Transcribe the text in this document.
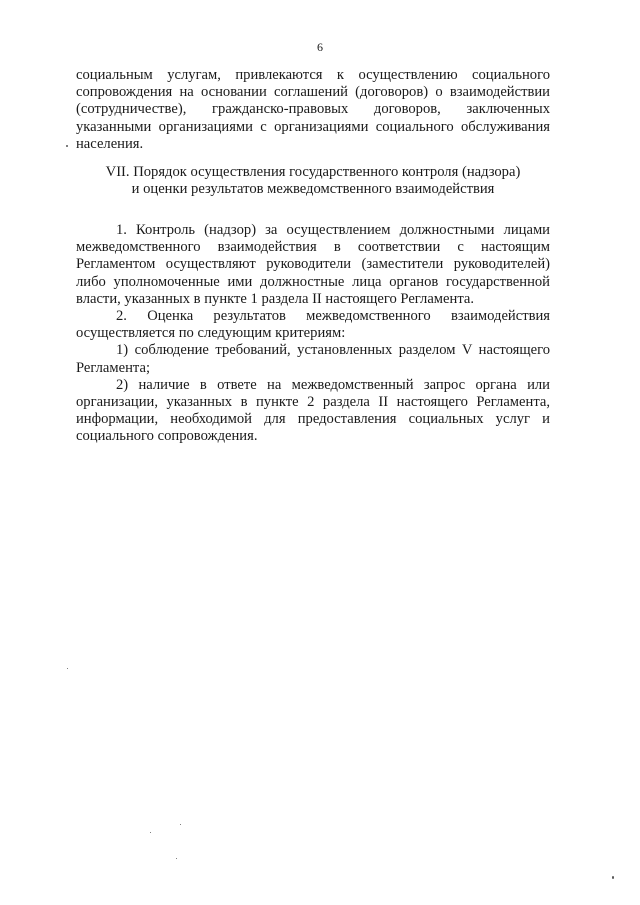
6

социальным услугам, привлекаются к осуществлению социального сопровождения на основании соглашений (договоров) о взаимодействии (сотрудничестве), гражданско-правовых договоров, заключенных указанными организациями с организациями социального обслуживания населения.

VII. Порядок осуществления государственного контроля (надзора)
и оценки результатов межведомственного взаимодействия

1. Контроль (надзор) за осуществлением должностными лицами межведомственного взаимодействия в соответствии с настоящим Регламентом осуществляют руководители (заместители руководителей) либо уполномоченные ими должностные лица органов государственной власти, указанных в пункте 1 раздела II настоящего Регламента.

2. Оценка результатов межведомственного взаимодействия осуществляется по следующим критериям:

1) соблюдение требований, установленных разделом V настоящего Регламента;

2) наличие в ответе на межведомственный запрос органа или организации, указанных в пункте 2 раздела II настоящего Регламента, информации, необходимой для предоставления социальных услуг и социального сопровождения.
